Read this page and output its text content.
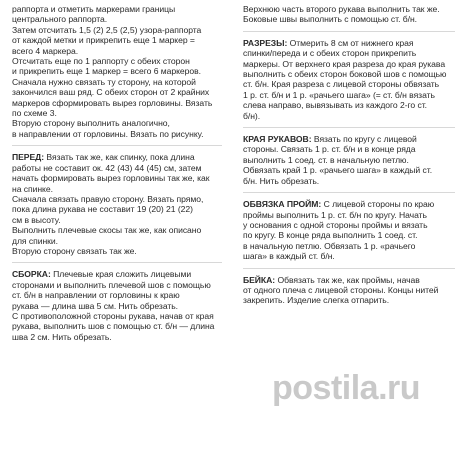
раппорта и отметить маркерами границы
центрального раппорта.
Затем отсчитать 1,5 (2) 2,5 (2,5) узора-раппорта
от каждой метки и прикрепить еще 1 маркер =
всего 4 маркера.
Отсчитать еще по 1 раппорту с обеих сторон
и прикрепить еще 1 маркер = всего 6 маркеров.
Сначала нужно связать ту сторону, на которой
закончился ваш ряд. С обеих сторон от 2 крайних
маркеров сформировать вырез горловины. Вязать
по схеме 3.
Вторую сторону выполнить аналогично,
в направлении от горловины. Вязать по рисунку.
ПЕРЕД: Вязать так же, как спинку, пока длина
работы не составит ок. 42 (43) 44 (45) см, затем
начать формировать вырез горловины так же, как
на спинке.
Сначала связать правую сторону. Вязать прямо,
пока длина рукава не составит 19 (20) 21 (22)
см в высоту.
Выполнить плечевые скосы так же, как описано
для спинки.
Вторую сторону связать так же.
СБОРКА: Плечевые края сложить лицевыми
сторонами и выполнить плечевой шов с помощью
ст. б/н в направлении от горловины к краю
рукава — длина шва 5 см. Нить обрезать.
С противоположной стороны рукава, начав от края
рукава, выполнить шов с помощью ст. б/н — длина
шва 2 см. Нить обрезать.
Верхнюю часть второго рукава выполнить так же.
Боковые швы выполнить с помощью ст. б/н.
РАЗРЕЗЫ: Отмерить 8 см от нижнего края
спинки/переда и с обеих сторон прикрепить
маркеры. От верхнего края разреза до края рукава
выполнить с обеих сторон боковой шов с помощью
ст. б/н. Края разреза с лицевой стороны обвязать
1 р. ст. б/н и 1 р. «рачьего шага» (= ст. б/н вязать
слева направо, вывязывать из каждого 2-го ст.
б/н).
КРАЯ РУКАВОВ: Вязать по кругу с лицевой
стороны. Связать 1 р. ст. б/н и в конце ряда
выполнить 1 соед. ст. в начальную петлю.
Обвязать край 1 р. «рачьего шага» в каждый ст.
б/н. Нить обрезать.
ОБВЯЗКА ПРОЙМ: С лицевой стороны по краю
проймы выполнить 1 р. ст. б/н по кругу. Начать
у основания с одной стороны проймы и вязать
по кругу. В конце ряда выполнить 1 соед. ст.
в начальную петлю. Обвязать 1 р. «рачьего
шага» в каждый ст. б/н.
БЕЙКА: Обвязать так же, как проймы, начав
от одного плеча с лицевой стороны. Концы нитей
закрепить. Изделие слегка отпарить.
postila.ru
